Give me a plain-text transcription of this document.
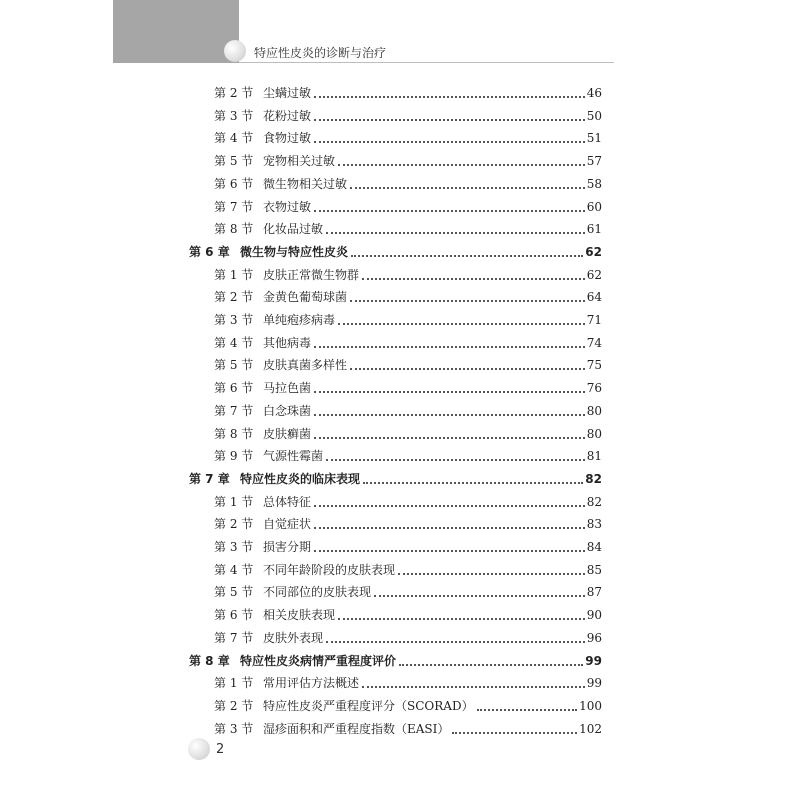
特应性皮炎的诊断与治疗
第 2 节 尘螨过敏	46
第 3 节 花粉过敏	50
第 4 节 食物过敏	51
第 5 节 宠物相关过敏	57
第 6 节 微生物相关过敏	58
第 7 节 衣物过敏	60
第 8 节 化妆品过敏	61
第 6 章 微生物与特应性皮炎	62
第 1 节 皮肤正常微生物群	62
第 2 节 金黄色葡萄球菌	64
第 3 节 单纯疱疹病毒	71
第 4 节 其他病毒	74
第 5 节 皮肤真菌多样性	75
第 6 节 马拉色菌	76
第 7 节 白念珠菌	80
第 8 节 皮肤癣菌	80
第 9 节 气源性霉菌	81
第 7 章 特应性皮炎的临床表现	82
第 1 节 总体特征	82
第 2 节 自觉症状	83
第 3 节 损害分期	84
第 4 节 不同年龄阶段的皮肤表现	85
第 5 节 不同部位的皮肤表现	87
第 6 节 相关皮肤表现	90
第 7 节 皮肤外表现	96
第 8 章 特应性皮炎病情严重程度评价	99
第 1 节 常用评估方法概述	99
第 2 节 特应性皮炎严重程度评分（SCORAD）	100
第 3 节 湿疹面积和严重程度指数（EASI）	102
2
